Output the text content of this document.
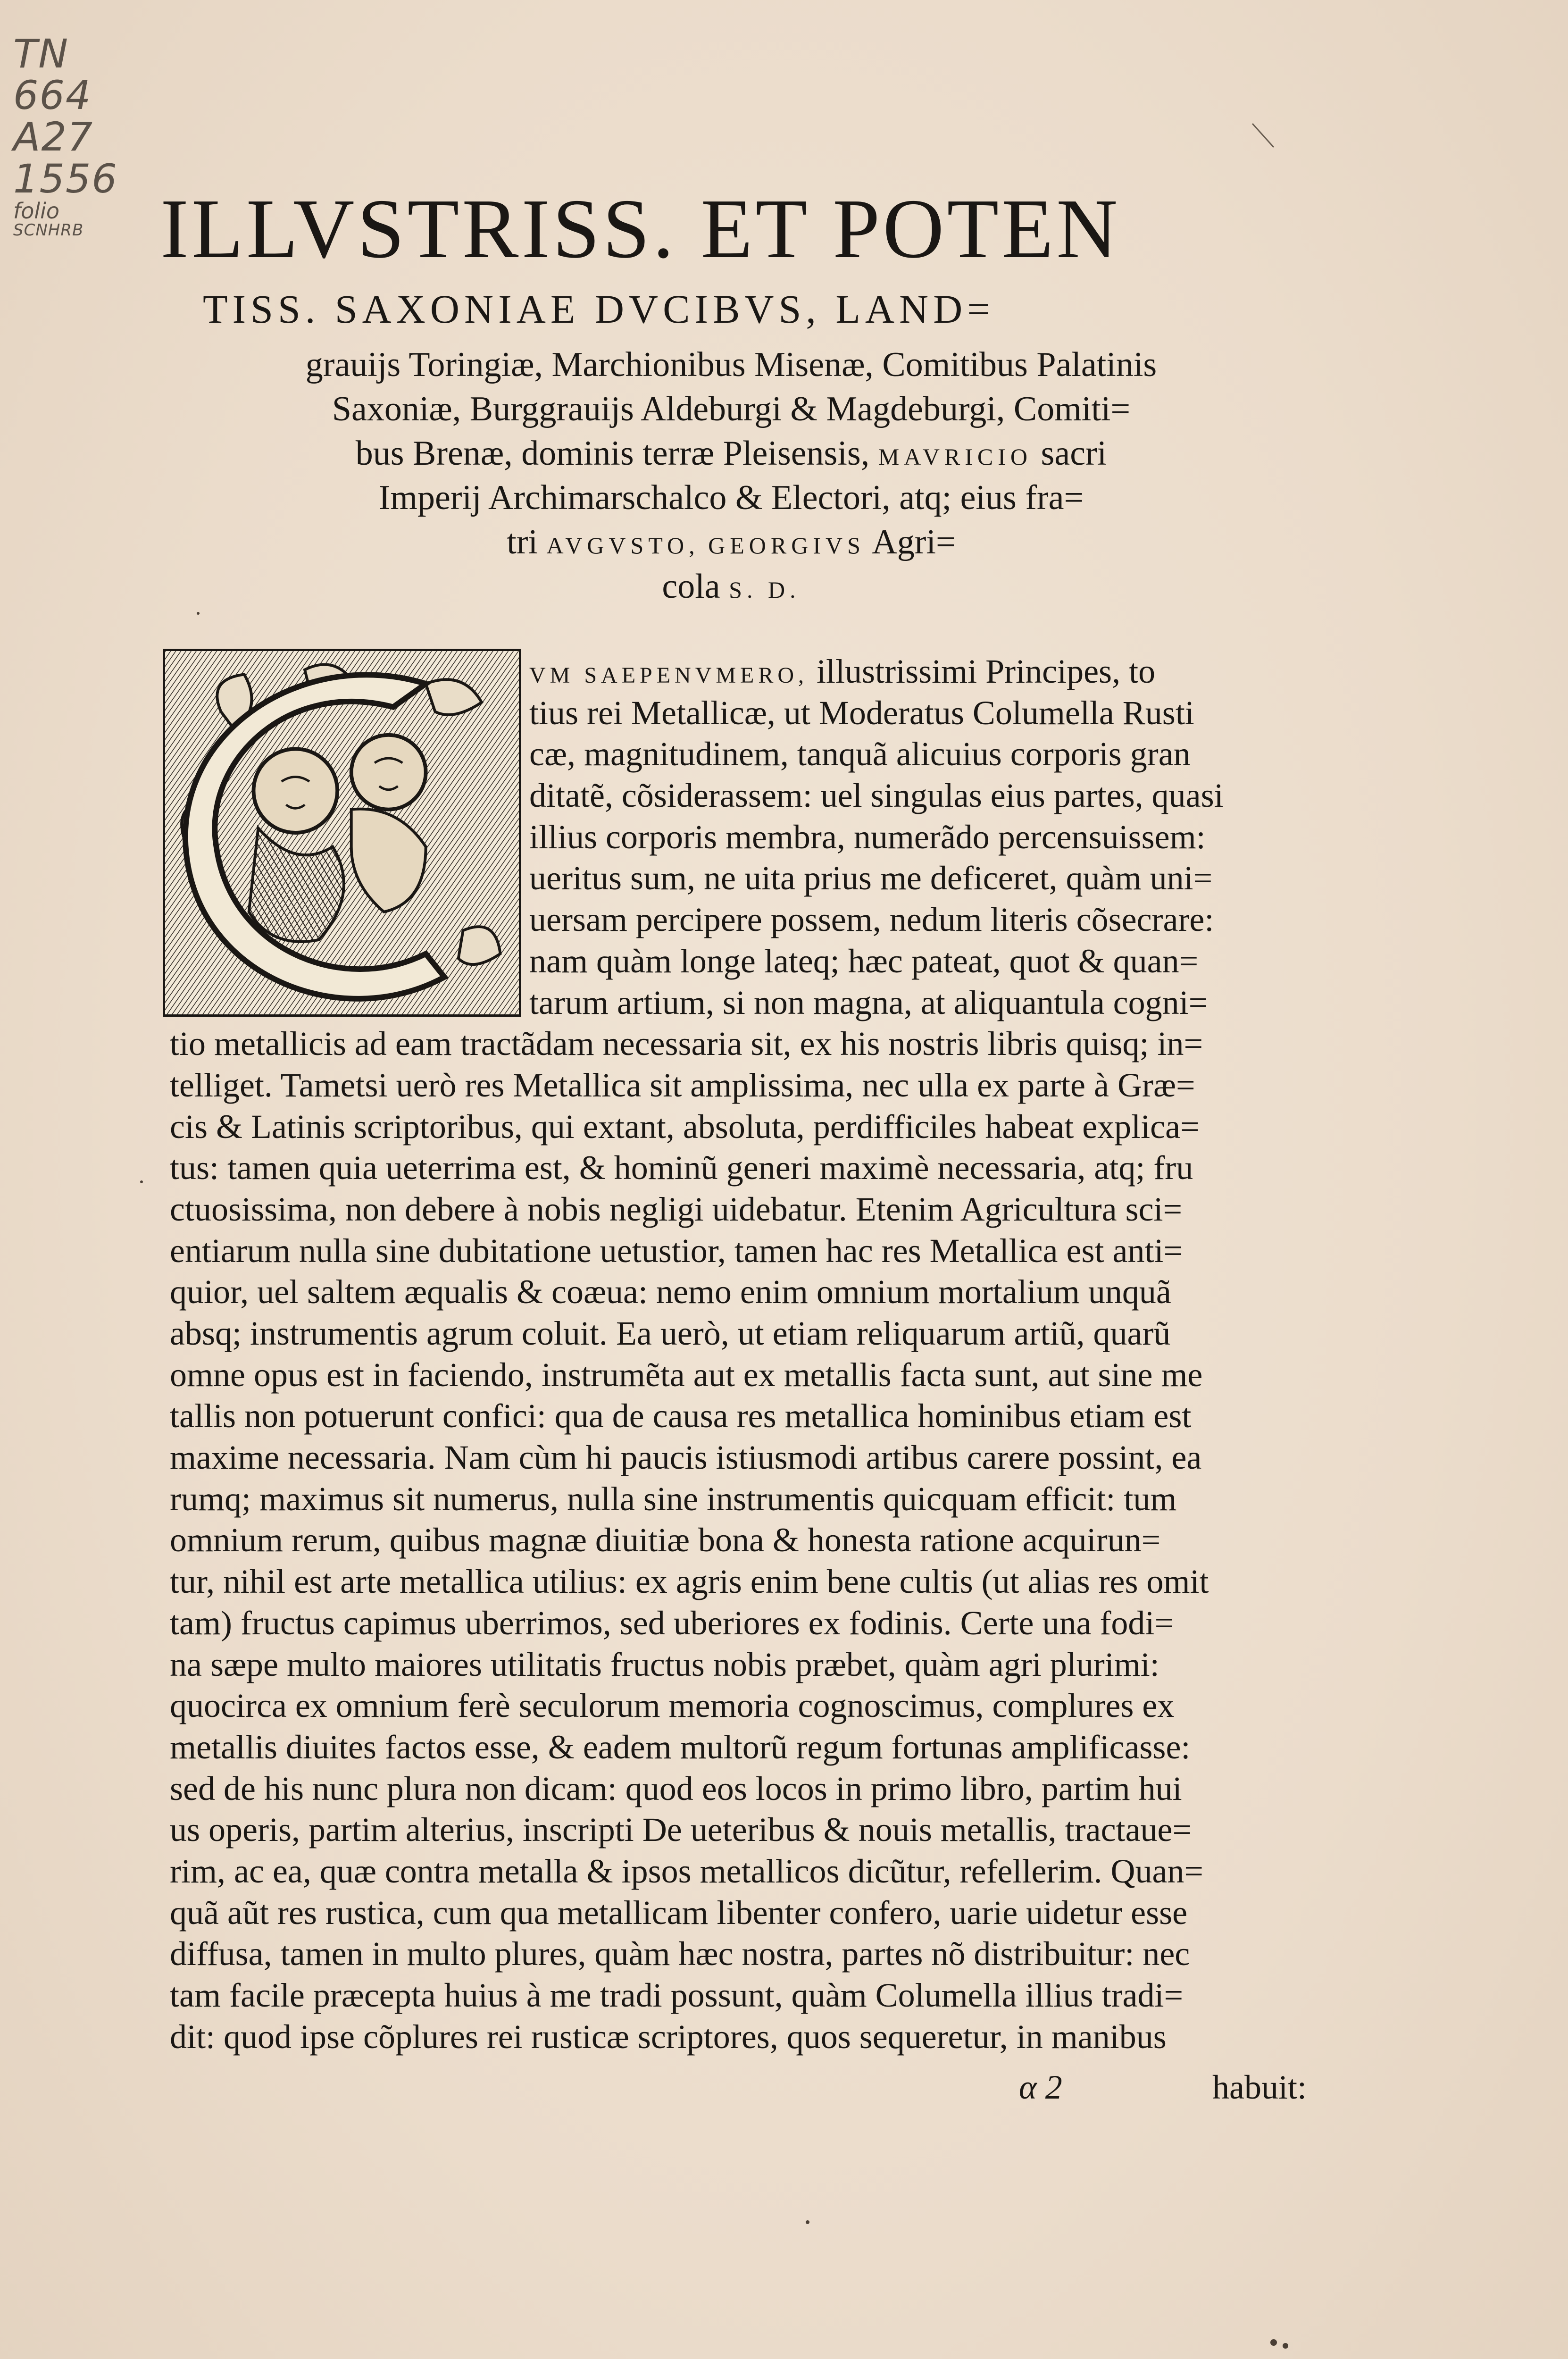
TN
664
A27
1556
folio
SCNHRB ILLVSTRISS. ET POTEN
TISS. SAXONIAE DVCIBVS, LAND=
grauijs Toringiæ, Marchionibus Misenæ, Comitibus Palatinis
Saxoniæ, Burggrauijs Aldeburgi & Magdeburgi, Comiti=
bus Brenæ, dominis terræ Pleisensis, MAVRICIO sacri
Imperij Archimarschalco & Electori, atq; eius fra=
tri AVGVSTO, GEORGIVS Agri=
cola S. D.
VM SAEPENVMERO, illustrissimi Principes, to
tius rei Metallicæ, ut Moderatus Columella Rusti
cæ, magnitudinem, tanquã alicuius corporis gran
ditatẽ, cõsiderassem: uel singulas eius partes, quasi
illius corporis membra, numerãdo percensuissem:
ueritus sum, ne uita prius me deficeret, quàm uni=
uersam percipere possem, nedum literis cõsecrare:
nam quàm longe lateq; hæc pateat, quot & quan=
tarum artium, si non magna, at aliquantula cogni=
tio metallicis ad eam tractãdam necessaria sit, ex his nostris libris quisq; in=
telliget. Tametsi uerò res Metallica sit amplissima, nec ulla ex parte à Græ=
cis & Latinis scriptoribus, qui extant, absoluta, perdifficiles habeat explica=
tus: tamen quia ueterrima est, & hominũ generi maximè necessaria, atq; fru
ctuosissima, non debere à nobis negligi uidebatur. Etenim Agricultura sci=
entiarum nulla sine dubitatione uetustior, tamen hac res Metallica est anti=
quior, uel saltem æqualis & coæua: nemo enim omnium mortalium unquã
absq; instrumentis agrum coluit. Ea uerò, ut etiam reliquarum artiũ, quarũ
omne opus est in faciendo, instrumẽta aut ex metallis facta sunt, aut sine me
tallis non potuerunt confici: qua de causa res metallica hominibus etiam est
maxime necessaria. Nam cùm hi paucis istiusmodi artibus carere possint, ea
rumq; maximus sit numerus, nulla sine instrumentis quicquam efficit: tum
omnium rerum, quibus magnæ diuitiæ bona & honesta ratione acquirun=
tur, nihil est arte metallica utilius: ex agris enim bene cultis (ut alias res omit
tam) fructus capimus uberrimos, sed uberiores ex fodinis. Certe una fodi=
na sæpe multo maiores utilitatis fructus nobis præbet, quàm agri plurimi:
quocirca ex omnium ferè seculorum memoria cognoscimus, complures ex
metallis diuites factos esse, & eadem multorũ regum fortunas amplificasse:
sed de his nunc plura non dicam: quod eos locos in primo libro, partim hui
us operis, partim alterius, inscripti De ueteribus & nouis metallis, tractaue=
rim, ac ea, quæ contra metalla & ipsos metallicos dicũtur, refellerim. Quan=
quã aũt res rustica, cum qua metallicam libenter confero, uarie uidetur esse
diffusa, tamen in multo plures, quàm hæc nostra, partes nõ distribuitur: nec
tam facile præcepta huius à me tradi possunt, quàm Columella illius tradi=
dit: quod ipse cõplures rei rusticæ scriptores, quos sequeretur, in manibus
α 2	habuit:
